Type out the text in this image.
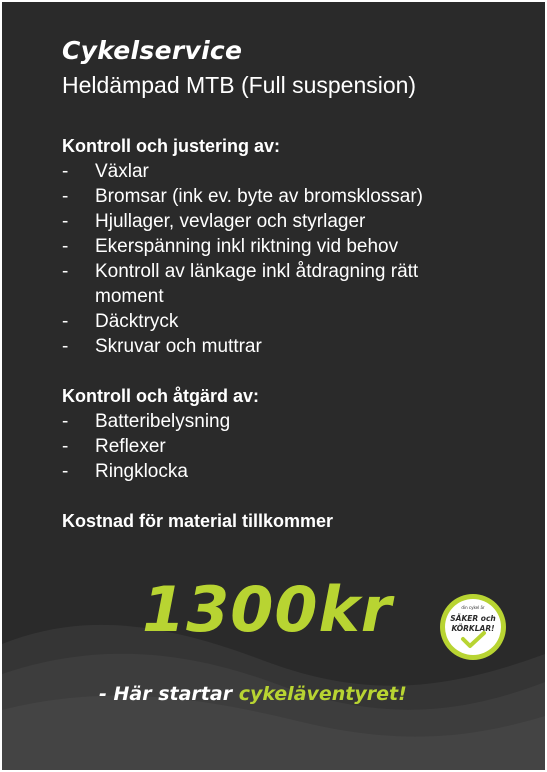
Cykelservice

Heldämpad MTB (Full suspension)

Kontroll och justering av:

- Växlar
- Bromsar (ink ev. byte av bromsklossar)
- Hjullager, vevlager och styrlager
- Ekerspänning inkl riktning vid behov
- Kontroll av länkage inkl åtdragning rätt
moment
- Däcktryck
- Skruvar och muttrar

Kontroll och åtgärd av:

- Batteribelysning
- Reflexer
- Ringklocka

Kostnad för material tillkommer

1300kr	din cykel är
SÄKER och
KÖRKLAR!

- Här startar cykeläventyret!
